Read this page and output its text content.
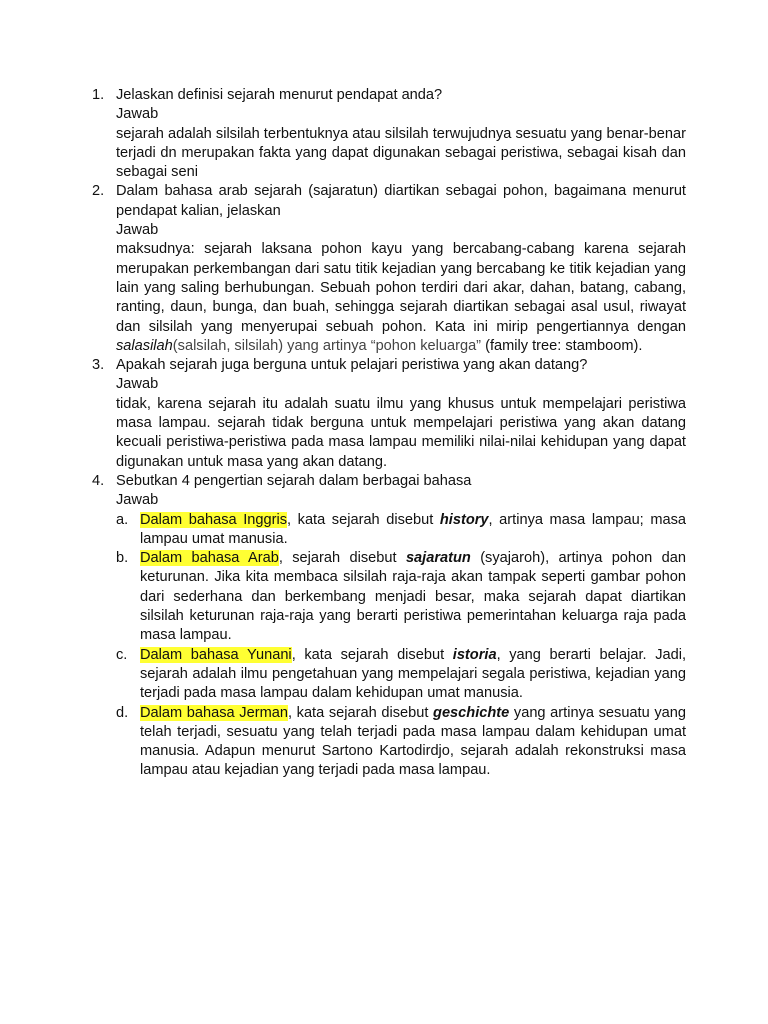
1. Jelaskan definisi sejarah menurut pendapat anda?
Jawab
sejarah adalah silsilah terbentuknya atau silsilah terwujudnya sesuatu yang benar-benar terjadi dn merupakan fakta yang dapat digunakan sebagai peristiwa, sebagai kisah dan sebagai seni
2. Dalam bahasa arab sejarah (sajaratun) diartikan sebagai pohon, bagaimana menurut pendapat kalian, jelaskan
Jawab
maksudnya: sejarah laksana pohon kayu yang bercabang-cabang karena sejarah merupakan perkembangan dari satu titik kejadian yang bercabang ke titik kejadian yang lain yang saling berhubungan. Sebuah pohon terdiri dari akar, dahan, batang, cabang, ranting, daun, bunga, dan buah, sehingga sejarah diartikan sebagai asal usul, riwayat dan silsilah yang menyerupai sebuah pohon. Kata ini mirip pengertiannya dengan salasilah(salsilah, silsilah) yang artinya “pohon keluarga” (family tree: stamboom).
3. Apakah sejarah juga berguna untuk pelajari peristiwa yang akan datang?
Jawab
tidak, karena sejarah itu adalah suatu ilmu yang khusus untuk mempelajari peristiwa masa lampau. sejarah tidak berguna untuk mempelajari peristiwa yang akan datang kecuali peristiwa-peristiwa pada masa lampau memiliki nilai-nilai kehidupan yang dapat digunakan untuk masa yang akan datang.
4. Sebutkan 4 pengertian sejarah dalam berbagai bahasa
Jawab
a. Dalam bahasa Inggris, kata sejarah disebut history, artinya masa lampau; masa lampau umat manusia.
b. Dalam bahasa Arab, sejarah disebut sajaratun (syajaroh), artinya pohon dan keturunan. Jika kita membaca silsilah raja-raja akan tampak seperti gambar pohon dari sederhana dan berkembang menjadi besar, maka sejarah dapat diartikan silsilah keturunan raja-raja yang berarti peristiwa pemerintahan keluarga raja pada masa lampau.
c. Dalam bahasa Yunani, kata sejarah disebut istoria, yang berarti belajar. Jadi, sejarah adalah ilmu pengetahuan yang mempelajari segala peristiwa, kejadian yang terjadi pada masa lampau dalam kehidupan umat manusia.
d. Dalam bahasa Jerman, kata sejarah disebut geschichte yang artinya sesuatu yang telah terjadi, sesuatu yang telah terjadi pada masa lampau dalam kehidupan umat manusia. Adapun menurut Sartono Kartodirdjo, sejarah adalah rekonstruksi masa lampau atau kejadian yang terjadi pada masa lampau.
